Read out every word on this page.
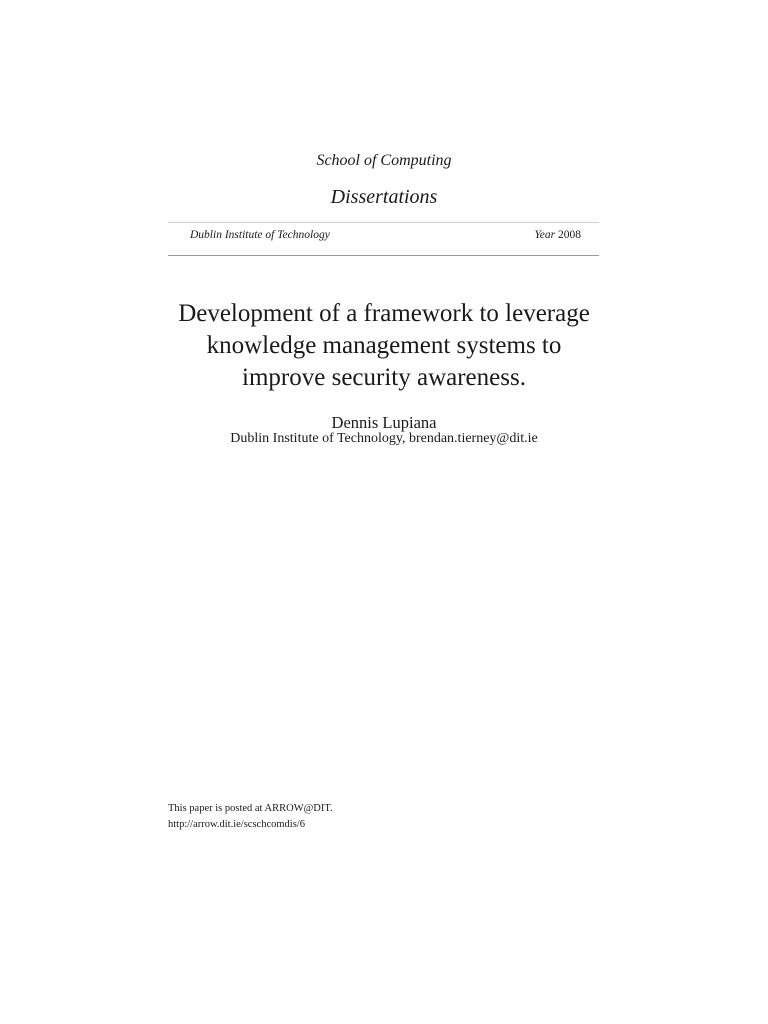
School of Computing
Dissertations
Dublin Institute of Technology	Year 2008
Development of a framework to leverage
knowledge management systems to
improve security awareness.
Dennis Lupiana
Dublin Institute of Technology, brendan.tierney@dit.ie
This paper is posted at ARROW@DIT.
http://arrow.dit.ie/scschcomdis/6
